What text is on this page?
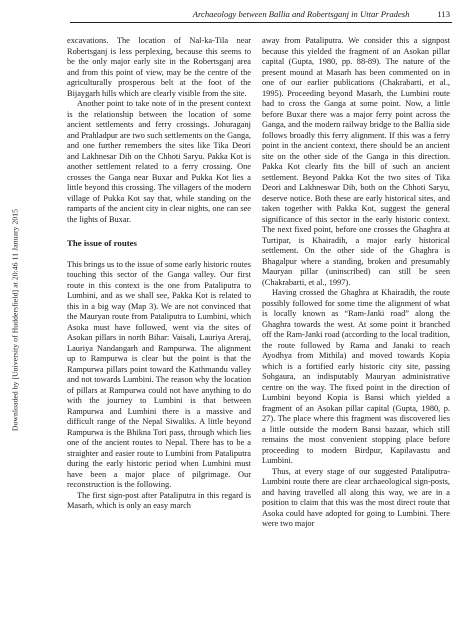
Archaeology between Ballia and Robertsganj in Uttar Pradesh	113
Downloaded by [University of Huddersfield] at 20:46 11 January 2015

excavations. The location of Nal-ka-Tila near Robertsganj is less perplexing, because this seems to be the only major early site in the Robertsganj area and from this point of view, may be the centre of the agriculturally prosperous belt at the foot of the Bijaygarh hills which are clearly visible from the site.

Another point to take note of in the present context is the relationship between the location of some ancient settlements and ferry crossings. Johuraganj and Prahladpur are two such settlements on the Ganga, and one further remembers the sites like Tika Deori and Lakhnesar Dih on the Chhoti Saryu. Pakka Kot is another settlement related to a ferry crossing. One crosses the Ganga near Buxar and Pukka Kot lies a little beyond this crossing. The villagers of the modern village of Pukka Kot say that, while standing on the ramparts of the ancient city in clear nights, one can see the lights of Buxar.

The issue of routes

This brings us to the issue of some early historic routes touching this sector of the Ganga valley. Our first route in this context is the one from Pataliputra to Lumbini, and as we shall see, Pakka Kot is related to this in a big way (Map 3). We are not convinced that the Mauryan route from Pataliputra to Lumbini, which Asoka must have followed, went via the sites of Asokan pillars in north Bihar: Vaisali, Lauriya Areraj, Lauriya Nandangarh and Rampurwa. The alignment up to Rampurwa is clear but the point is that the Rampurwa pillars point toward the Kathmandu valley and not towards Lumbini. The reason why the location of pillars at Rampurwa could not have anything to do with the journey to Lumbini is that between Rampurwa and Lumbini there is a massive and difficult range of the Nepal Siwaliks. A little beyond Rampurwa is the Bhikna Tori pass, through which lies one of the ancient routes to Nepal. There has to be a straighter and easier route to Lumbini from Pataliputra during the early historic period when Lumbini must have been a major place of pilgrimage. Our reconstruction is the following.

The first sign-post after Pataliputra in this regard is Masarh, which is only an easy march

away from Pataliputra. We consider this a signpost because this yielded the fragment of an Asokan pillar capital (Gupta, 1980, pp. 88-89). The nature of the present mound at Masarh has been commented on in one of our earlier publications (Chakrabarti, et al., 1995). Proceeding beyond Masarh, the Lumbini route had to cross the Ganga at some point. Now, a little before Buxar there was a major ferry point across the Ganga, and the modern railway bridge to the Ballia side follows broadly this ferry alignment. If this was a ferry point in the ancient context, there should be an ancient site on the other side of the Ganga in this direction. Pakka Kot clearly fits the bill of such an ancient settlement. Beyond Pakka Kot the two sites of Tika Deori and Lakhneswar Dih, both on the Chhoti Saryu, deserve notice. Both these are early historical sites, and taken together with Pakka Kot, suggest the general significance of this sector in the early historic context. The next fixed point, before one crosses the Ghaghra at Turtipar, is Khairadih, a major early historical settlement. On the other side of the Ghaghra is Bhagalpur where a standing, broken and presumably Mauryan pillar (uninscribed) can still be seen (Chakrabarti, et al., 1997).

Having crossed the Ghaghra at Khairadih, the route possibly followed for some time the alignment of what is locally known as “Ram-Janki road” along the Ghaghra towards the west. At some point it branched off the Ram-Janki road (according to the local tradition, the route followed by Rama and Janaki to reach Ayodhya from Mithila) and moved towards Kopia which is a fortified early historic city site, passing Sohgaura, an indisputably Mauryan administrative centre on the way. The fixed point in the direction of Lumbini beyond Kopia is Bansi which yielded a fragment of an Asokan pillar capital (Gupta, 1980, p. 27). The place where this fragment was discovered lies a little outside the modern Bansi bazaar, which still remains the most convenient stopping place before proceeding to modern Birdpur, Kapilavastu and Lumbini.

Thus, at every stage of our suggested Pataliputra-Lumbini route there are clear archaeological sign-posts, and having travelled all along this way, we are in a position to claim that this was the most direct route that Asoka could have adopted for going to Lumbini. There were two major
